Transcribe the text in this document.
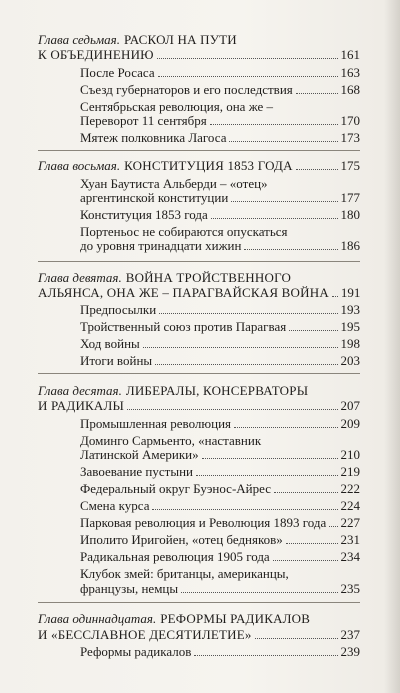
Глава седьмая. РАСКОЛ НА ПУТИ
К ОБЪЕДИНЕНИЮ	161
После Росаса	163
Съезд губернаторов и его последствия	168
Сентябрьская революция, она же –
Переворот 11 сентября	170
Мятеж полковника Лагоса	173
Глава восьмая. КОНСТИТУЦИЯ 1853 ГОДА	175
Хуан Баутиста Альберди – «отец»
аргентинской конституции	177
Конституция 1853 года	180
Портеньос не собираются опускаться
до уровня тринадцати хижин	186
Глава девятая. ВОЙНА ТРОЙСТВЕННОГО
АЛЬЯНСА, ОНА ЖЕ – ПАРАГВАЙСКАЯ ВОЙНА 191
Предпосылки	193
Тройственный союз против Парагвая	195
Ход войны	198
Итоги войны	203
Глава десятая. ЛИБЕРАЛЫ, КОНСЕРВАТОРЫ
И РАДИКАЛЫ	207
Промышленная революция	209
Доминго Сармьенто, «наставник
Латинской Америки»	210
Завоевание пустыни	219
Федеральный округ Буэнос-Айрес	222
Смена курса	224
Парковая революция и Революция 1893 года 227
Иполито Иригойен, «отец бедняков»	231
Радикальная революция 1905 года	234
Клубок змей: британцы, американцы,
французы, немцы	235
Глава одиннадцатая. РЕФОРМЫ РАДИКАЛОВ
И «БЕССЛАВНОЕ ДЕСЯТИЛЕТИЕ»	237
Реформы радикалов	239
